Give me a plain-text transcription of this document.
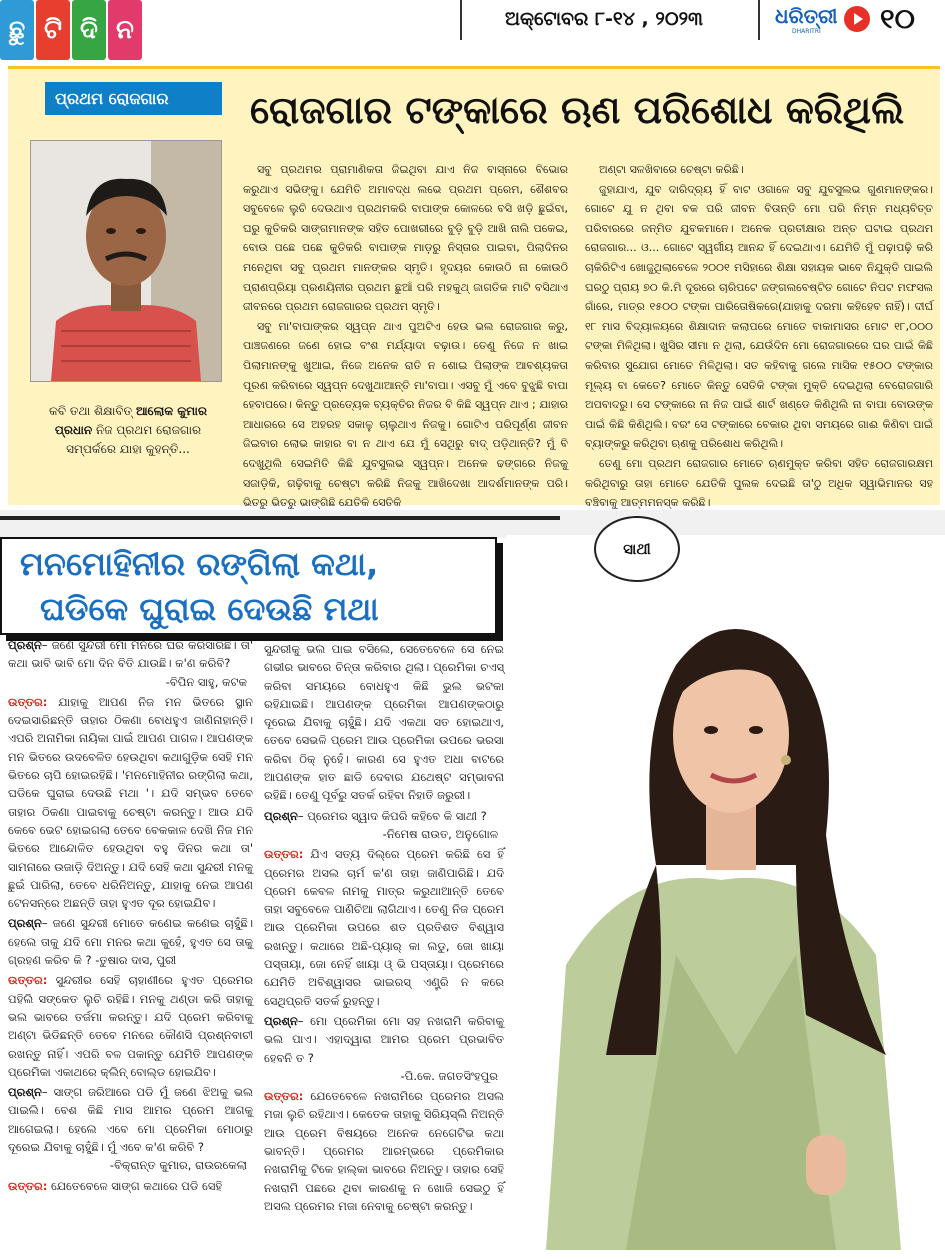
ଛୁ ଟି ଦି ନ	ଅକ୍ଟୋବର ୮-୧୪ , ୨୦୨୩	ଧରିତ୍ରୀ
DHARITRI ୧୦
ପ୍ରଥମ ରୋଜଗାର	ରୋଜଗାର ଟଙ୍କାରେ ଋଣ ପରିଶୋଧ କରିଥିଲି
କବି ତଥା ଶିକ୍ଷାବିତ୍ ଆଲୋକ କୁମାର ପ୍ରଧାନ ନିଜ ପ୍ରଥମ ରୋଜଗାର ସମ୍ପର୍କରେ ଯାହା କୁହନ୍ତି...

ସବୁ ପ୍ରଥମର ପ୍ରାମାଣିକତା ଜିଇଥିବା ଯାଏ ନିଜ ବାସ୍ନାରେ ବିଭୋର କରୁଥାଏ ସଭିଙ୍କୁ। ଯେମିତି ଅମାବଦ୍ଧ ଲଭେ ପ୍ରଥମ ପ୍ରେମ, ଶୈଶବର ସବୁବେଳେ ଲୁଚି ଦେଉଥାଏ ପ୍ରଥମକରି ବାପାଙ୍କ କୋଳରେ ବସି ଖଡ଼ି ଛୁଇଁବା, ଘରୁ କୁତିକରି ସାଙ୍ଗମାନଙ୍କ ସହିତ ପୋଖରୀରେ ବୁଡ଼ି ବୁଡ଼ି ଆଖି ନାଲି ପକେଇ, ବୋଉ ପଛେ ପଛେ କୁତିକରି ବାପାଙ୍କ ମାଡ଼ରୁ ନିସ୍ତାର ପାଇବା, ପିଲାଦିନର ମନେଥିବା ସବୁ ପ୍ରଥମ ମାନଙ୍କର ସ୍ମୃତି। ହୃଦୟର କୋଉଠି ନା କୋଉଠି ପ୍ରାଣପ୍ରିୟା ପ୍ରଣୟିନୀର ପ୍ରଥମ ଛୁଆଁ ପରି ମହକୁଥ୍ ଜାଗତିକ ମାଟି ବସିଥାଏ ଜୀବନରେ ପ୍ରଥମ ରୋଜଗାରର ପ୍ରଥମ ସ୍ମୃତି।

ସବୁ ମା'ବାପାଙ୍କର ସ୍ୱପ୍ନ ଥାଏ ପୁଅଟିଏ ହେଉ ଭଲ ରୋଜଗାର କରୁ, ପାଞ୍ଚଜଣରେ ଜଣେ ହୋଇ ବଂଶ ମର୍ଯ୍ୟାଦା ବଢ଼ାଉ। ତେଣୁ ନିଜେ ନ ଖାଇ ପିଲାମାନଙ୍କୁ ଖୁଆଇ, ନିଜେ ଅନେକ ରାତି ନ ଶୋଇ ପିଲାଙ୍କ ଆବଶ୍ୟକତା ପୂରଣ କରିବାରେ ସ୍ୱପ୍ନ ଦେଖୁଥାଆନ୍ତି ମା'ବାପା। ଏସବୁ ମୁଁ ଏବେ ବୁଝୁଛି ବାପା ହେବାପରେ। କିନ୍ତୁ ପ୍ରତ୍ୟେକ ବ୍ୟକ୍ତିର ନିଜର ବି କିଛି ସ୍ୱପ୍ନ ଥାଏ ; ଯାହାର ଆଧାରରେ ସେ ଅହରହ ସକାଳୁ ଚାଲୁଥାଏ ନିଜକୁ। ଗୋଟିଏ ପରିପୂର୍ଣ୍ଣ ଜୀବନ ଜିଇବାର ଲୋଭ କାହାର ବା ନ ଥାଏ ଯେ ମୁଁ ସେଥିରୁ ବାଦ୍ ପଡ଼ିଥାନ୍ତି? ମୁଁ ବି ଦେଖୁଥିଲି ସେଇମିତି କିଛି ଯୁବସୁଲଭ ସ୍ୱପ୍ନ। ଅନେକ ଢଙ୍ଗରେ ନିଜକୁ ସଜାଡ଼ିକି, ଗଢ଼ିବାକୁ ଚେଷ୍ଟା କରିଛି ନିଜକୁ ଆଖିଦେଖା ଆଦର୍ଶମାନଙ୍କ ପରି। ଭିତରୁ ଭିତରୁ ଭାଙ୍ଗିଛି ଯେତିକି ସେତିକି

ଅଣ୍ଟା ସଳଖିବାରେ ଚେଷ୍ଟା କରିଛି।

ଜୁହାଯାଏ, ଯୁବ ଦାରିଦ୍ର୍ୟ ହିଁ ବାଟ ଓଗାଳେ ସବୁ ଯୁବସୁଲଭ ଗୁଣମାନଙ୍କର। ଗୋଟେ ଯୁ ନ ଥିବା ବକ ପରି ଜୀବନ ବିତାନ୍ତି ମୋ ପରି ନିମ୍ନ ମଧ୍ୟବିତ୍ତ ପରିବାରରେ ଜନ୍ମିତ ଯୁବକମାନେ। ଅନେକ ପ୍ରତୀକ୍ଷାର ଅନ୍ତ ଘଟାଇ ପ୍ରଥମ ରୋଜଗାର... ଓ... ଗୋଟେ ସ୍ୱର୍ଗୀୟ ଆନନ୍ଦ ହିଁ ଦେଇଥାଏ। ଯେମିତି ମୁଁ ପଢ଼ାପଢ଼ି କରି ଚାକିରିଟିଏ ଖୋଜୁଥିଲାବେଳେ ୨୦୦୧ ମସିହାରେ ଶିକ୍ଷା ସହାୟକ ଭାବେ ନିଯୁକ୍ତି ପାଇଲି ଘରଠୁ ପ୍ରାୟ ୭୦ କି.ମି ଦୂରରେ ଚାରିପଟେ ଜଙ୍ଗଲବେଷ୍ଟିତ ଗୋଟେ ନିପଟ ମଫସଲ ଗାଁରେ, ମାତ୍ର ୧୫୦୦ ଟଙ୍କା ପାରିତୋଷିକରେ(ଯାହାକୁ ଦରମା କହିହେବ ନାହିଁ)। ଦୀର୍ଘ ୧୮ ମାସ ବିଦ୍ୟାଳୟରେ ଶିକ୍ଷାଦାନ କଲାପରେ ମୋତେ ବାକାମାସର ମୋଟ ୧୮,୦୦୦ ଟଙ୍କା ମିଳିଥିଲା। ଖୁସିର ସୀମା ନ ଥିଲା, ଯେଉଁଦିନ ମୋ ରୋଜଗାରରେ ଘର ପାଇଁ କିଛି କରିବାର ସୁଯୋଗ ମୋତେ ମିଳିଥିଲା। ସତ କହିବାକୁ ଗଲେ ମାସିକ ୧୫୦୦ ଟଙ୍କାର ମୂଲ୍ୟ ବା କେତେ? ମୋତେ କିନ୍ତୁ ସେତିକି ଟଙ୍କା ମୁକ୍ତି ଦେଇଥିଲା ବେରୋଜଗାରି ଅପବାଦରୁ। ସେ ଟଙ୍କାରେ ନା ନିଜ ପାଇଁ ଶାର୍ଟ ଖଣ୍ଡେ କିଣିଥିଲି ନା ବାପା ବୋଉଙ୍କ ପାଇଁ କିଛି କିଣିଥିଲି। ବରଂ ସେ ଟଙ୍କାରେ ବେକାର ଥିବା ସମୟରେ ଗାଈ କିଣିବା ପାଇଁ ବ୍ୟାଙ୍କରୁ କରିଥିବା ଋଣକୁ ପରିଶୋଧ କରିଥିଲି।

ତେଣୁ ମୋ ପ୍ରଥମ ରୋଜଗାର ମୋତେ ଋଣମୁକ୍ତ କରିବା ସହିତ ରୋଜଗାରକ୍ଷମ କରିଥିବାରୁ ତାହା ମୋତେ ଯେତିକି ପୁଲକ ଦେଇଛି ତା'ଠୁ ଅଧିକ ସ୍ୱାଭିମାନର ସହ ବଞ୍ଚିବାକୁ ଆତ୍ମମନସ୍କ କରିଛି।

ମନମୋହିନୀର ରଙ୍ଗିଲା କଥା,
ଘଡିକେ ଘୁରାଇ ଦେଉଛି ମଥା
ସାଥୀ

ପ୍ରଶ୍ନ– ଜଣେ ସୁନ୍ଦରୀ ମୋ ମନରେ ଘର କରିସାରିଛି। ତା' କଥା ଭାବି ଭାବି ମୋ ଦିନ ବିତି ଯାଉଛି। କ'ଣ କରିବି?
-ବିପିନ ସାହୁ, କଟକ

ଉତ୍ତର: ଯାହାକୁ ଆପଣ ନିଜ ମନ ଭିତରେ ସ୍ଥାନ ଦେଇସାରିଛନ୍ତି ତାହାର ଠିକଣା ବୋଧହୁଏ ଜାଣିନାହାନ୍ତି। ଏପରି ଅନାମିକା ନାୟିକା ପାଇଁ ଆପଣ ପାଗଳ। ଆପଣଙ୍କ ମନ ଭିତରେ ଉଦବେଳିତ ହେଉଥିବା କଥାଗୁଡ଼ିକ ସେହି ମନ ଭିତରେ ଚାପି ହୋଇରହିଛି। 'ମନମୋହିନୀର ରଙ୍ଗିଲା କଥା, ଘଡିକେ ଘୁରାଇ ଦେଉଛି ମଥା '। ଯଦି ସମ୍ଭବ ତେବେ ତାହାର ଠିକଣା ପାଇବାକୁ ଚେଷ୍ଟା କରନ୍ତୁ। ଆଉ ଯଦି କେବେ ଭେଟ ହୋଇଗଲା ତେବେ ବେକକାଳ ଦେଖି ନିଜ ମନ ଭିତରେ ଆନ୍ଦୋଳିତ ହେଉଥିବା ବହୁ ଦିନର କଥା ତା' ସାମନାରେ ଉଜାଡ଼ି ଦିଅନ୍ତୁ। ଯଦି ସେହି କଥା ସୁନ୍ଦରୀ ମନକୁ ଛୁଇଁ ପାରିଲା, ତେବେ ଧରିନିଅନ୍ତୁ, ଯାହାକୁ ନେଇ ଆପଣ ଟେନସନ୍‌ରେ ଅଛନ୍ତି ତାହା ହୁଏତ ଦୂର ହୋଇଯିବ।

ପ୍ରଶ୍ନ– ଜଣେ ସୁନ୍ଦରୀ ମୋତେ କଣେଇ କଣେଇ ଚାହୁଁଛି। ହେଲେ ତାକୁ ଯଦି ମୋ ମନର କଥା କୁହେଁ, ହୁଏତ ସେ ତାକୁ ଗ୍ରହଣ କରିବ କି ? -ତୁଷାର ଦାସ, ପୁରୀ

ଉତ୍ତର: ସୁନ୍ଦରୀର ସେହି ଚାହାଣୀରେ ହୁଏତ ପ୍ରେମର ପହିଲି ସଙ୍କେତ ଲୁଚି ରହିଛି। ମନକୁ ଥଣ୍ଡା କରି ତାହାକୁ ଭଲ ଭାବରେ ତର୍ଜମା କରନ୍ତୁ। ଯଦି ପ୍ରେମ କରିବାକୁ ଅଣ୍ଟା ଭିଡିଛନ୍ତି ତେବେ ମନରେ କୌଣସି ପ୍ରଶ୍ନବାଚୀ ରଖନ୍ତୁ ନାହିଁ। ଏପରି ବଳ ପକାନ୍ତୁ ଯେମିତି ଆପଣଙ୍କ ପ୍ରେମିକା ଏକାଥରେ କ୍ଲିନ୍ ବୋଲ୍ଡ ହୋଇଯିବ।

ପ୍ରଶ୍ନ– ସାଙ୍ଗ ଜରିଆରେ ପଡି ମୁଁ ଜଣେ ଝିଅକୁ ଭଲ ପାଇଲି। ବେଶ କିଛି ମାସ ଆମର ପ୍ରେମ ଆଗକୁ ଆଗେଇଲା। ହେଲେ ଏବେ ମୋ ପ୍ରେମିକା ମୋଠାରୁ ଦୂରେଇ ଯିବାକୁ ଚାହୁଁଛି। ମୁଁ ଏବେ କ'ଣ କରିବି ?
-ବିକ୍ରାନ୍ତ କୁମାର, ରାଉରକେଲା

ଉତ୍ତର: ଯେତେବେଳେ ସାଙ୍ଗ କଥାରେ ପଡି ସେହି

ସୁନ୍ଦରୀକୁ ଭଲ ପାଇ ବସିଲେ, ସେତେବେଳେ ସେ ନେଇ ଗଭୀର ଭାବରେ ଚିନ୍ତା କରିବାର ଥିଲା। ପ୍ରେମିକା ଚଏସ୍ କରିବା ସମୟରେ ବୋଧହୁଏ କିଛି ଭୁଲ ଭଟକା ରହିଯାଇଛି। ଆପଣଙ୍କ ପ୍ରେମିକା ଆପଣଙ୍କଠାରୁ ଦୂରେଇ ଯିବାକୁ ଚାହୁଁଛି। ଯଦି ଏକଥା ସତ ହୋଇଥାଏ, ତେବେ ସେଭଳି ପ୍ରେମ ଆଉ ପ୍ରେମିକା ଉପରେ ଭରସା କରିବା ଠିକ୍ ନୁହେଁ। କାରଣ ସେ ହୁଏତ ଅଧା ବାଟରେ ଆପଣଙ୍କ ହାତ ଛାଡି ଦେବାର ଯଥେଷ୍ଟ ସମ୍ଭାବନା ରହିଛି। ତେଣୁ ପୂର୍ବରୁ ସତର୍କ ରହିବା ନିହାତି ଜରୁରୀ।

ପ୍ରଶ୍ନ– ପ୍ରେମର ସ୍ୱାଦ କିପରି କହିବେ କି ସାଥୀ ?
-ନିମେଷ ରାଉତ, ଅନୁଗୋଳ

ଉତ୍ତର: ଯିଏ ସତ୍ୟ ଦିଲ୍‌ରେ ପ୍ରେମ କରିଛି ସେ ହିଁ ପ୍ରେମର ଅସଲ ଚାର୍ମ କ'ଣ ତାହା ଜାଣିପାରିଛି। ଯଦି ପ୍ରେମ କେବଳ ନାମକୁ ମାତ୍ର କରୁଥାଆନ୍ତି ତେବେ ତାହା ସବୁବେଳେ ପାଣିଚିଆ ଲାଗିଥାଏ। ତେଣୁ ନିଜ ପ୍ରେମ ଆଉ ପ୍ରେମିକା ଉପରେ ଶତ ପ୍ରତିଶତ ବିଶ୍ୱାସ ରଖନ୍ତୁ। କଥାରେ ଅଛି-ପ୍ୟାର୍ କା ଲଡୁ, ଜୋ ଖାୟା ପସ୍ତାୟା, ଜୋ ନେହିଁ ଖାୟା ଓ୍ ଭି ପସ୍ତାୟା। ପ୍ରେମରେ ଯେମିତି ଅବିଶ୍ୱାସର ଭାଇରସ୍ ଏଣ୍ଟ୍ରି ନ କରେ ସେଥିପ୍ରତି ସତର୍କ ରୁହନ୍ତୁ।

ପ୍ରଶ୍ନ– ମୋ ପ୍ରେମିକା ମୋ ସହ ନଖରାମି କରିବାକୁ ଭଲ ପାଏ। ଏହାଦ୍ୱାରା ଆମର ପ୍ରେମ ପ୍ରଭାବିତ ହେବନି ତ ?
-ପି.କେ. ଜଗତସିଂହପୁର

ଉତ୍ତର: ଯେତେବେଳେ ନଖରାମିରେ ପ୍ରେମର ଅସଲ ମଜା ଲୁଚି ରହିଥାଏ। କେତେକ ତାହାକୁ ସିରିୟସ୍‌ଲି ନିଅନ୍ତି ଆଉ ପ୍ରେମ ବିଷୟରେ ଅନେକ ନେଗେଟିଭ କଥା ଭାବନ୍ତି। ପ୍ରେମର ଆରମ୍ଭରେ ପ୍ରେମିକାର ନଖରାମିକୁ ଟିକେ ହାଲ୍‌କା ଭାବରେ ନିଅନ୍ତୁ। ତାହାର ସେହି ନଖରାମି ପଛରେ ଥିବା କାରଣକୁ ନ ଖୋଜି ସେଇଠୁ ହିଁ ଅସଲ ପ୍ରେମର ମଜା ନେବାକୁ ଚେଷ୍ଟା କରନ୍ତୁ।
